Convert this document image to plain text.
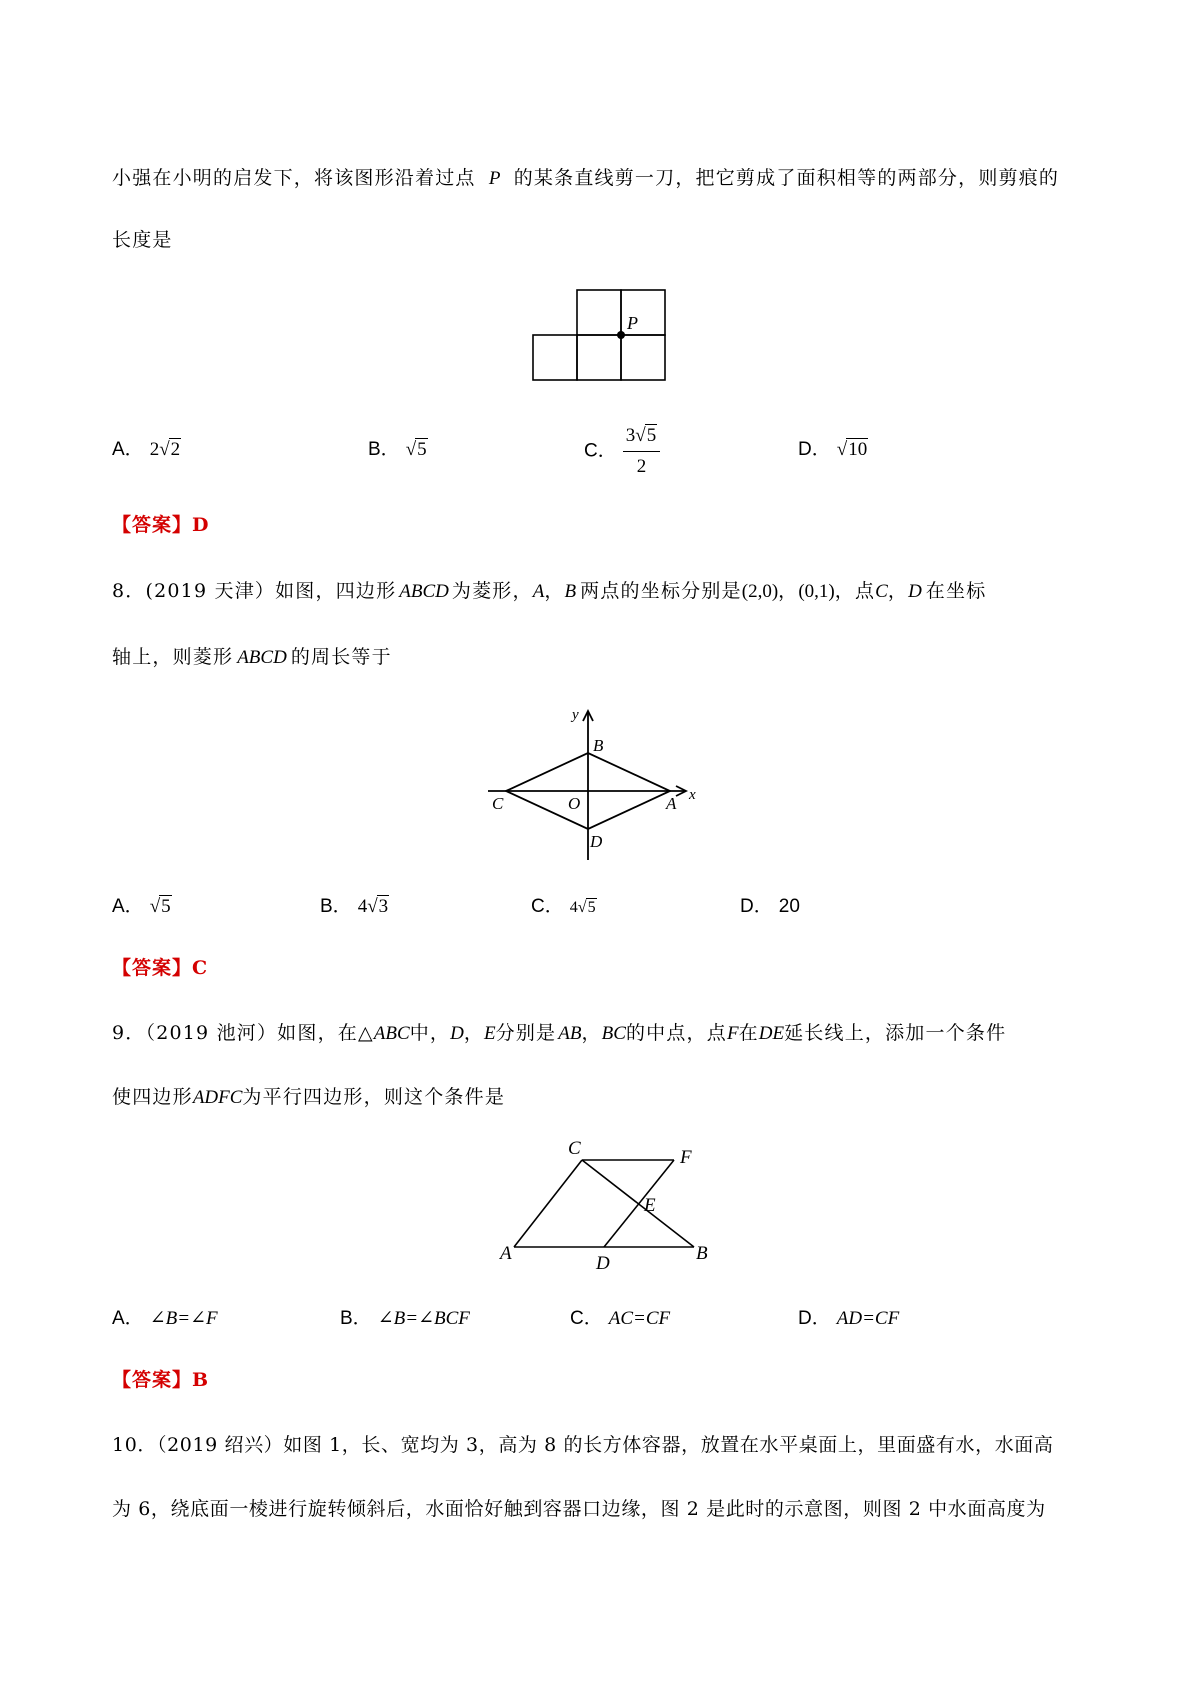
小强在小明的启发下，将该图形沿着过点 P 的某条直线剪一刀，把它剪成了面积相等的两部分，则剪痕的
长度是
P
A． 2√2	B． √5	C． $\frac{3√5}{2}$	D． √10
【答案】D
8．(2019 天津）如图，四边形 ABCD 为菱形，A，B 两点的坐标分别是(2,0)，(0,1)，点C，D 在坐标
轴上，则菱形 ABCD 的周长等于
y
x
B
C	O	A
D
A． √5	B． 4√3	C． 4√5	D． 20
【答案】C
9．（2019 池河）如图，在△ABC中，D，E分别是 AB，BC的中点，点F在DE延长线上，添加一个条件
使四边形ADFC为平行四边形，则这个条件是
C	F
E
A	D	B
A． ∠B=∠F	B． ∠B=∠BCF	C． AC=CF	D． AD=CF
【答案】B
10．（2019 绍兴）如图 1，长、宽均为 3，高为 8 的长方体容器，放置在水平桌面上，里面盛有水，水面高
为 6，绕底面一棱进行旋转倾斜后，水面恰好触到容器口边缘，图 2 是此时的示意图，则图 2 中水面高度为
